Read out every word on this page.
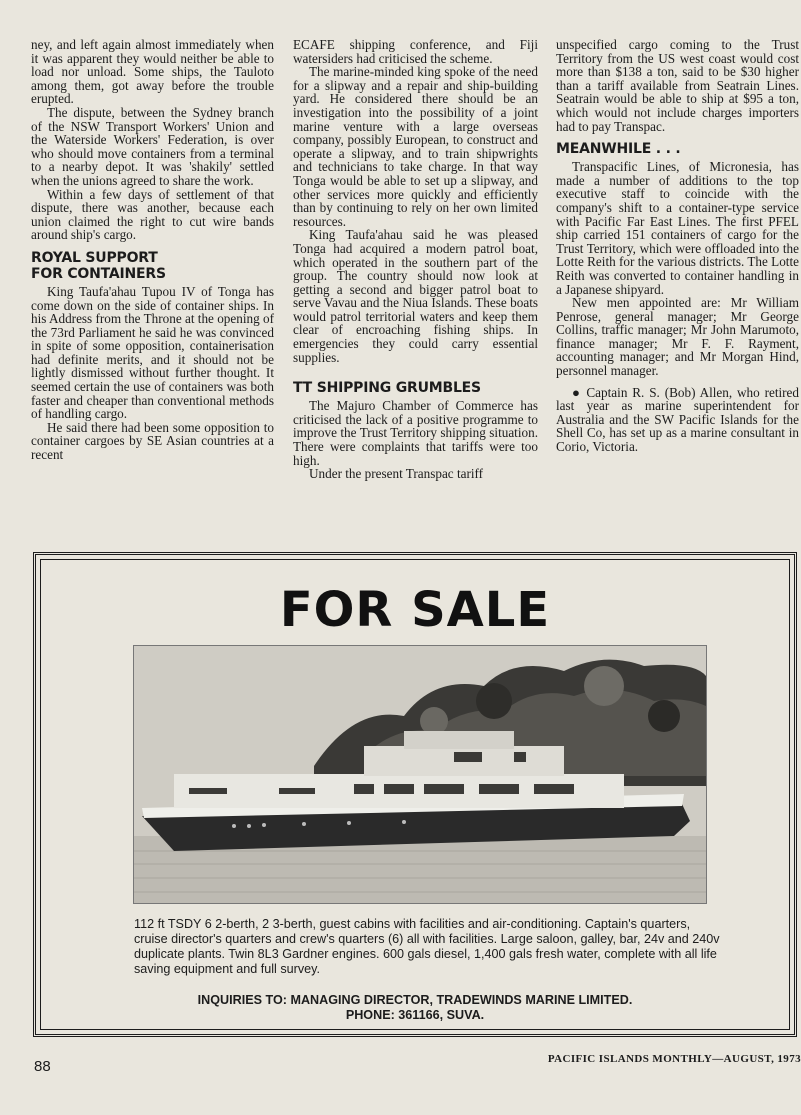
ney, and left again almost immediately when it was apparent they would neither be able to load nor unload. Some ships, the Tauloto among them, got away before the trouble erupted.

The dispute, between the Sydney branch of the NSW Transport Workers' Union and the Waterside Workers' Federation, is over who should move containers from a terminal to a nearby depot. It was 'shakily' settled when the unions agreed to share the work.

Within a few days of settlement of that dispute, there was another, because each union claimed the right to cut wire bands around ship's cargo.

ROYAL SUPPORT
FOR CONTAINERS

King Taufa'ahau Tupou IV of Tonga has come down on the side of container ships. In his Address from the Throne at the opening of the 73rd Parliament he said he was convinced in spite of some opposition, containerisation had definite merits, and it should not be lightly dismissed without further thought. It seemed certain the use of containers was both faster and cheaper than conventional methods of handling cargo.

He said there had been some opposition to container cargoes by SE Asian countries at a recent

ECAFE shipping conference, and Fiji watersiders had criticised the scheme.

The marine-minded king spoke of the need for a slipway and a repair and ship-building yard. He considered there should be an investigation into the possibility of a joint marine venture with a large overseas company, possibly European, to construct and operate a slipway, and to train shipwrights and technicians to take charge. In that way Tonga would be able to set up a slipway, and other services more quickly and efficiently than by continuing to rely on her own limited resources.

King Taufa'ahau said he was pleased Tonga had acquired a modern patrol boat, which operated in the southern part of the group. The country should now look at getting a second and bigger patrol boat to serve Vavau and the Niua Islands. These boats would patrol territorial waters and keep them clear of encroaching fishing ships. In emergencies they could carry essential supplies.

TT SHIPPING GRUMBLES

The Majuro Chamber of Commerce has criticised the lack of a positive programme to improve the Trust Territory shipping situation. There were complaints that tariffs were too high.

Under the present Transpac tariff

unspecified cargo coming to the Trust Territory from the US west coast would cost more than $138 a ton, said to be $30 higher than a tariff available from Seatrain Lines. Seatrain would be able to ship at $95 a ton, which would not include charges importers had to pay Transpac.

MEANWHILE . . .

Transpacific Lines, of Micronesia, has made a number of additions to the top executive staff to coincide with the company's shift to a container-type service with Pacific Far East Lines. The first PFEL ship carried 151 containers of cargo for the Trust Territory, which were offloaded into the Lotte Reith for the various districts. The Lotte Reith was converted to container handling in a Japanese shipyard.

New men appointed are: Mr William Penrose, general manager; Mr George Collins, traffic manager; Mr John Marumoto, finance manager; Mr F. F. Rayment, accounting manager; and Mr Morgan Hind, personnel manager.

● Captain R. S. (Bob) Allen, who retired last year as marine superintendent for Australia and the SW Pacific Islands for the Shell Co, has set up as a marine consultant in Corio, Victoria.

FOR SALE
112 ft TSDY 6 2-berth, 2 3-berth, guest cabins with facilities and air-conditioning. Captain's quarters, cruise director's quarters and crew's quarters (6) all with facilities. Large saloon, galley, bar, 24v and 240v duplicate plants. Twin 8L3 Gardner engines. 600 gals diesel, 1,400 gals fresh water, complete with all life saving equipment and full survey.
INQUIRIES TO: MANAGING DIRECTOR, TRADEWINDS MARINE LIMITED.
PHONE: 361166, SUVA.
88	PACIFIC ISLANDS MONTHLY—AUGUST, 1973
